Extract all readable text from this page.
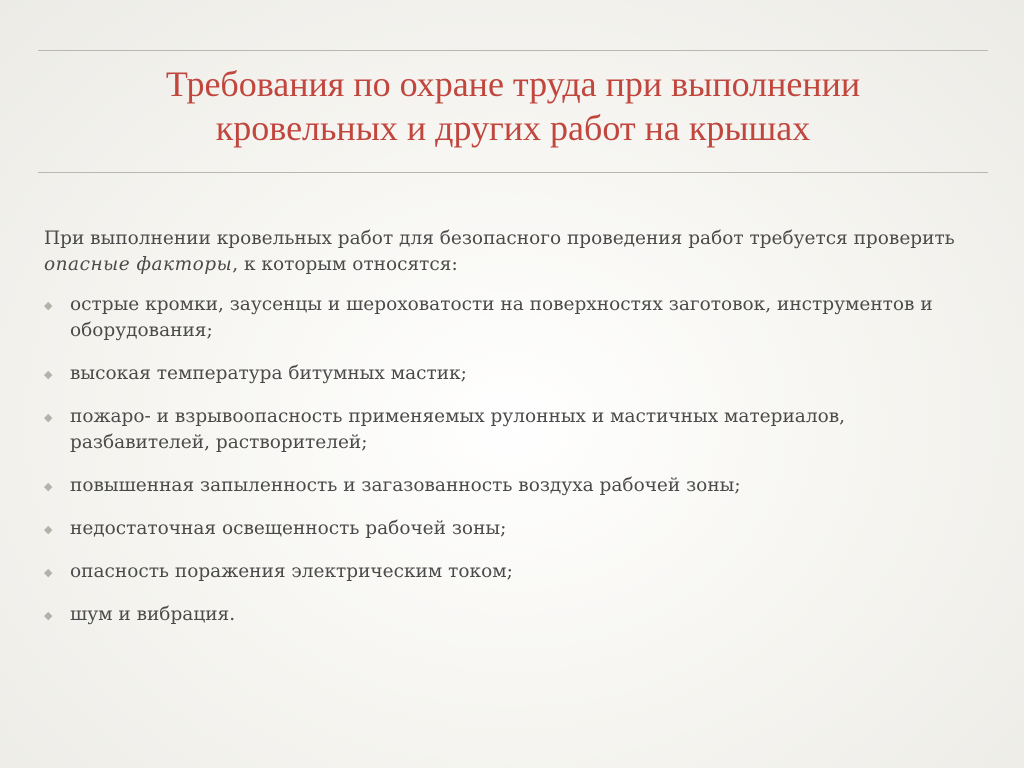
Требования по охране труда при выполнении
кровельных и других работ на крышах

При выполнении кровельных работ для безопасного проведения работ требуется проверить опасные факторы, к которым относятся:

◆ острые кромки, заусенцы и шероховатости на поверхностях заготовок, инструментов и оборудования;
◆ высокая температура битумных мастик;
◆ пожаро- и взрывоопасность применяемых рулонных и мастичных материалов, разбавителей, растворителей;
◆ повышенная запыленность и загазованность воздуха рабочей зоны;
◆ недостаточная освещенность рабочей зоны;
◆ опасность поражения электрическим током;
◆ шум и вибрация.
